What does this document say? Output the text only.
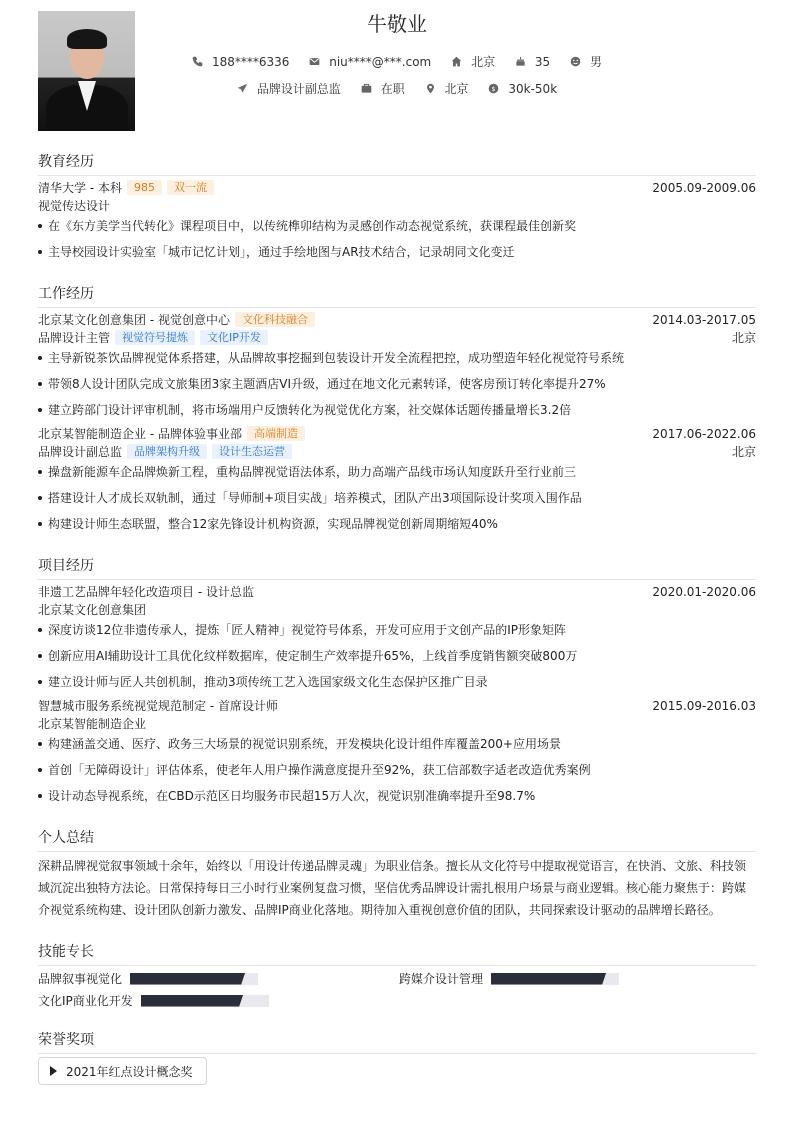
牛敬业
188****6336
	niu****@***.com
	北京
	35
	男
品牌设计副总监
	在职
	北京
	$ 30k-50k
教育经历
清华大学 - 本科 985 双一流	2005.09-2009.06
视觉传达设计
在《东方美学当代转化》课程项目中，以传统榫卯结构为灵感创作动态视觉系统，获课程最佳创新奖
主导校园设计实验室「城市记忆计划」，通过手绘地图与AR技术结合，记录胡同文化变迁
工作经历
北京某文化创意集团 - 视觉创意中心 文化科技融合	2014.03-2017.05
品牌设计主管 视觉符号提炼 文化IP开发	北京
主导新锐茶饮品牌视觉体系搭建，从品牌故事挖掘到包装设计开发全流程把控，成功塑造年轻化视觉符号系统
带领8人设计团队完成文旅集团3家主题酒店VI升级，通过在地文化元素转译，使客房预订转化率提升27%
建立跨部门设计评审机制，将市场端用户反馈转化为视觉优化方案，社交媒体话题传播量增长3.2倍
北京某智能制造企业 - 品牌体验事业部 高端制造	2017.06-2022.06
品牌设计副总监 品牌架构升级 设计生态运营	北京
操盘新能源车企品牌焕新工程，重构品牌视觉语法体系，助力高端产品线市场认知度跃升至行业前三
搭建设计人才成长双轨制，通过「导师制+项目实战」培养模式，团队产出3项国际设计奖项入围作品
构建设计师生态联盟，整合12家先锋设计机构资源，实现品牌视觉创新周期缩短40%
项目经历
非遗工艺品牌年轻化改造项目 - 设计总监	2020.01-2020.06
北京某文化创意集团
深度访谈12位非遗传承人，提炼「匠人精神」视觉符号体系，开发可应用于文创产品的IP形象矩阵
创新应用AI辅助设计工具优化纹样数据库，使定制生产效率提升65%，上线首季度销售额突破800万
建立设计师与匠人共创机制，推动3项传统工艺入选国家级文化生态保护区推广目录
智慧城市服务系统视觉规范制定 - 首席设计师	2015.09-2016.03
北京某智能制造企业
构建涵盖交通、医疗、政务三大场景的视觉识别系统，开发模块化设计组件库覆盖200+应用场景
首创「无障碍设计」评估体系，使老年人用户操作满意度提升至92%，获工信部数字适老改造优秀案例
设计动态导视系统，在CBD示范区日均服务市民超15万人次，视觉识别准确率提升至98.7%
个人总结
深耕品牌视觉叙事领域十余年，始终以「用设计传递品牌灵魂」为职业信条。擅长从文化符号中提取视觉语言，在快消、文旅、科技领域沉淀出独特方法论。日常保持每日三小时行业案例复盘习惯，坚信优秀品牌设计需扎根用户场景与商业逻辑。核心能力聚焦于：跨媒介视觉系统构建、设计团队创新力激发、品牌IP商业化落地。期待加入重视创意价值的团队，共同探索设计驱动的品牌增长路径。
技能专长
品牌叙事视觉化	跨媒介设计管理
文化IP商业化开发
荣誉奖项
2021年红点设计概念奖
